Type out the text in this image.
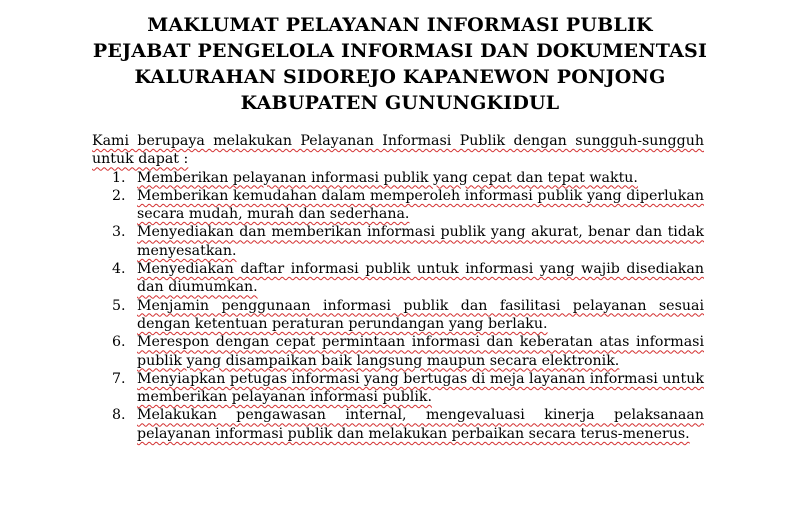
MAKLUMAT PELAYANAN INFORMASI PUBLIK
PEJABAT PENGELOLA INFORMASI DAN DOKUMENTASI
KALURAHAN SIDOREJO KAPANEWON PONJONG
KABUPATEN GUNUNGKIDUL

Kami berupaya melakukan Pelayanan Informasi Publik dengan sungguh-sungguh untuk dapat :

1. Memberikan pelayanan informasi publik yang cepat dan tepat waktu.
2. Memberikan kemudahan dalam memperoleh informasi publik yang diperlukan secara mudah, murah dan sederhana.
3. Menyediakan dan memberikan informasi publik yang akurat, benar dan tidak menyesatkan.
4. Menyediakan daftar informasi publik untuk informasi yang wajib disediakan dan diumumkan.
5. Menjamin penggunaan informasi publik dan fasilitasi pelayanan sesuai dengan ketentuan peraturan perundangan yang berlaku.
6. Merespon dengan cepat permintaan informasi dan keberatan atas informasi publik yang disampaikan baik langsung maupun secara elektronik.
7. Menyiapkan petugas informasi yang bertugas di meja layanan informasi untuk memberikan pelayanan informasi publik.
8. Melakukan pengawasan internal, mengevaluasi kinerja pelaksanaan pelayanan informasi publik dan melakukan perbaikan secara terus-menerus.
